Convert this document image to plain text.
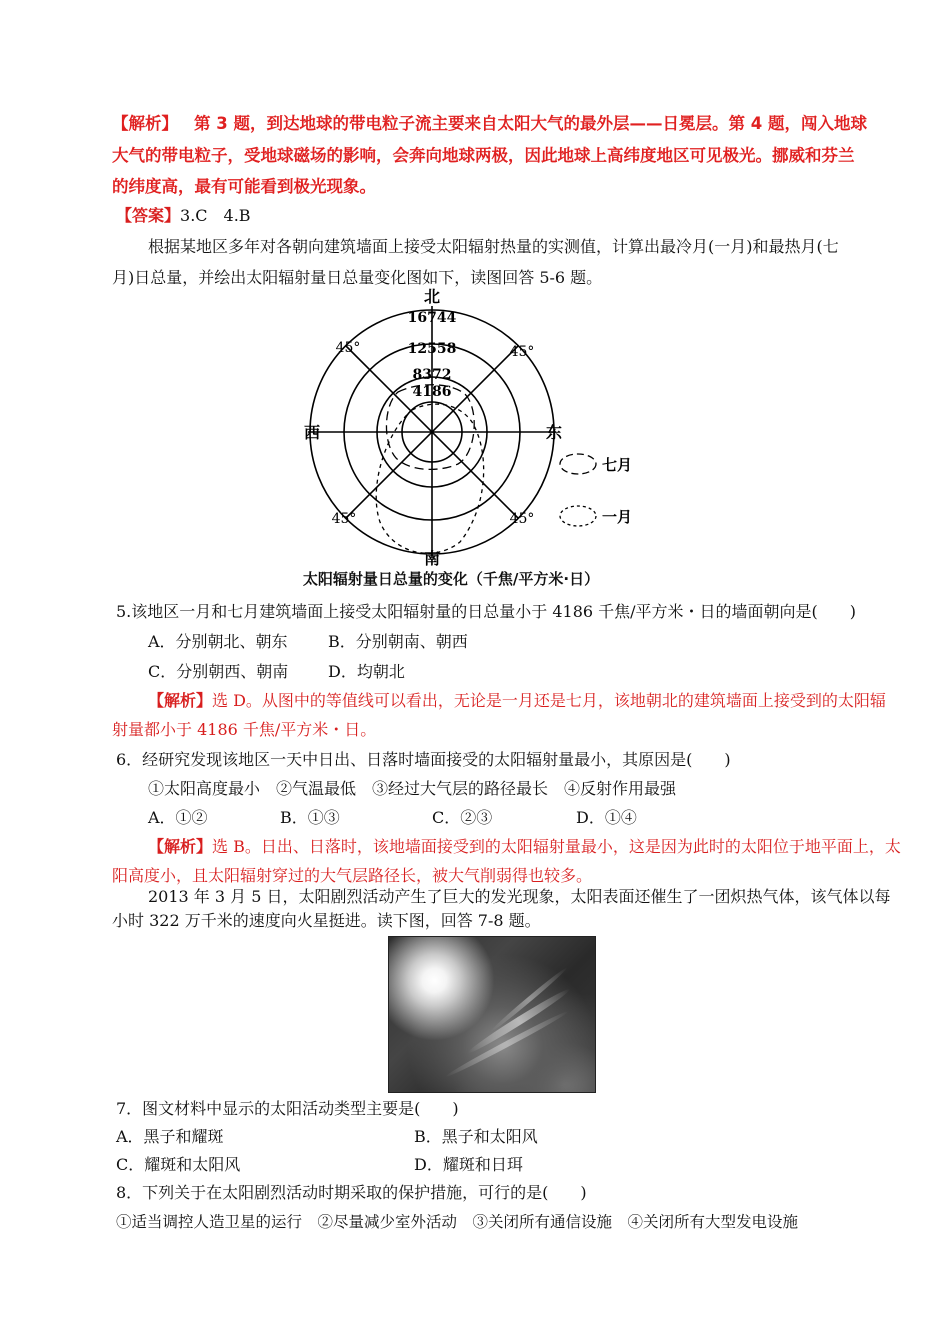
【解析】 第 3 题，到达地球的带电粒子流主要来自太阳大气的最外层——日冕层。第 4 题，闯入地球
大气的带电粒子，受地球磁场的影响，会奔向地球两极，因此地球上高纬度地区可见极光。挪威和芬兰
的纬度高，最有可能看到极光现象。
【答案】3.C　4.B
根据某地区多年对各朝向建筑墙面上接受太阳辐射热量的实测值，计算出最冷月(一月)和最热月(七
月)日总量，并绘出太阳辐射量日总量变化图如下，读图回答 5-6 题。
北
南
西	东
16744
12558
8372
4186
45°	45°
45°	45°
七月
一月
太阳辐射量日总量的变化（千焦/平方米·日）
5.该地区一月和七月建筑墙面上接受太阳辐射量的日总量小于 4186 千焦/平方米・日的墙面朝向是(　　)
A．分别朝北、朝东	B．分别朝南、朝西
C．分别朝西、朝南 D．均朝北
【解析】选 D。从图中的等值线可以看出，无论是一月还是七月，该地朝北的建筑墙面上接受到的太阳辐
射量都小于 4186 千焦/平方米・日。
6．经研究发现该地区一天中日出、日落时墙面接受的太阳辐射量最小，其原因是(　　)
①太阳高度最小　②气温最低　③经过大气层的路径最长　④反射作用最强
A．①②	B．①③	C．②③	D．①④
【解析】选 B。日出、日落时，该地墙面接受到的太阳辐射量最小，这是因为此时的太阳位于地平面上，太
阳高度小，且太阳辐射穿过的大气层路径长，被大气削弱得也较多。
2013 年 3 月 5 日，太阳剧烈活动产生了巨大的发光现象，太阳表面还催生了一团炽热气体，该气体以每
小时 322 万千米的速度向火星挺进。读下图，回答 7-8 题。
7．图文材料中显示的太阳活动类型主要是(　　)
A．黑子和耀斑	B．黑子和太阳风
C．耀斑和太阳风	D．耀斑和日珥
8．下列关于在太阳剧烈活动时期采取的保护措施，可行的是(　　)
①适当调控人造卫星的运行　②尽量减少室外活动　③关闭所有通信设施　④关闭所有大型发电设施
